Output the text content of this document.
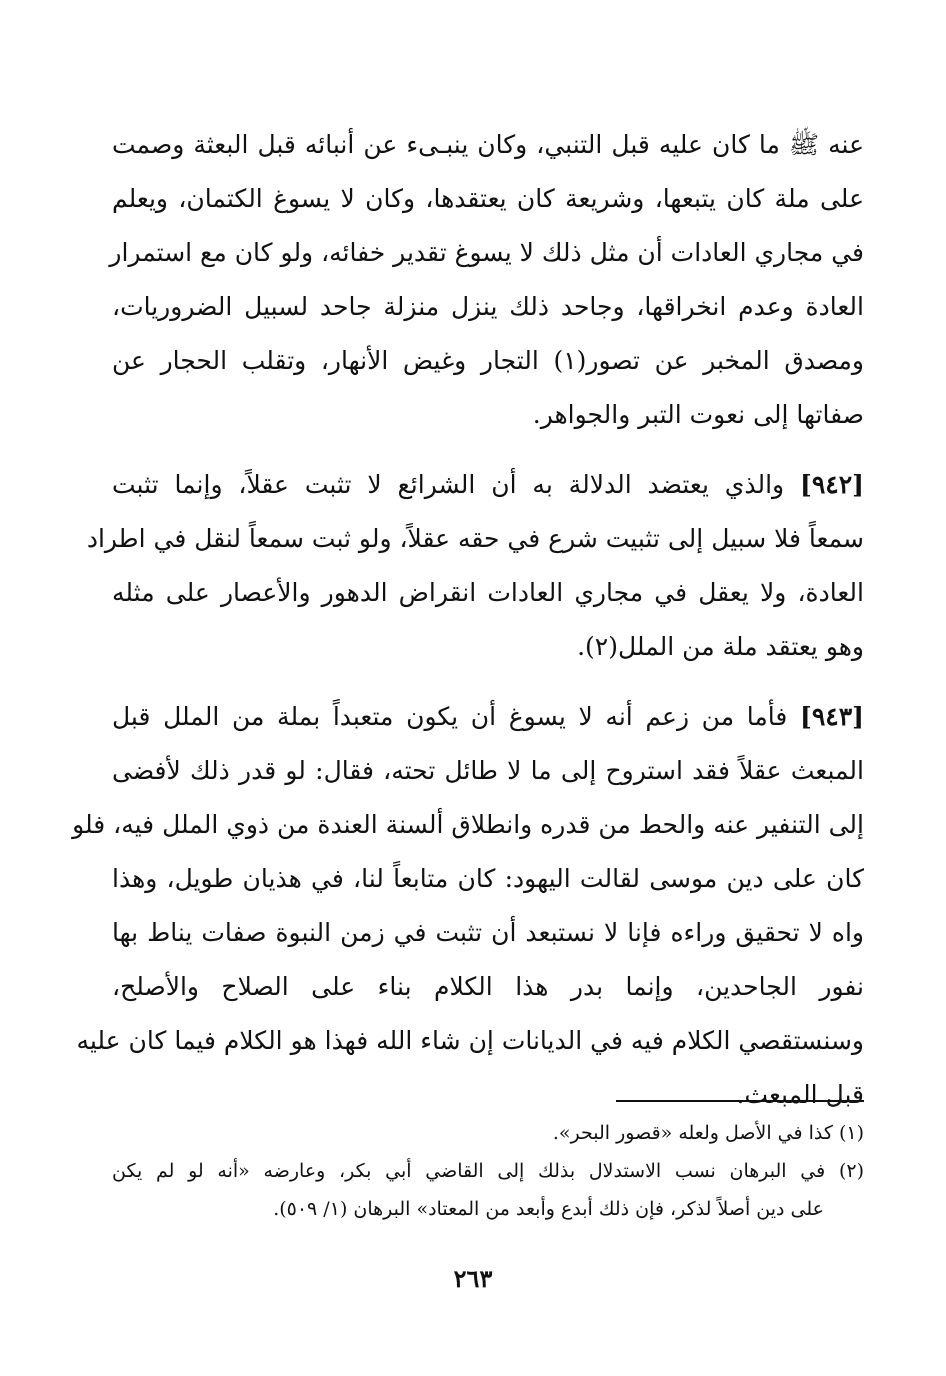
عنه ﷺ ما كان عليه قبل التنبي، وكان ينبـىء عن أنبائه قبل البعثة وصمت
على ملة كان يتبعها، وشريعة كان يعتقدها، وكان لا يسوغ الكتمان، ويعلم
في مجاري العادات أن مثل ذلك لا يسوغ تقدير خفائه، ولو كان مع استمرار
العادة وعدم انخراقها، وجاحد ذلك ينزل منزلة جاحد لسبيل الضروريات،
ومصدق المخبر عن تصور(١) التجار وغيض الأنهار، وتقلب الحجار عن
صفاتها إلى نعوت التبر والجواهر.
[٩٤٢] والذي يعتضد الدلالة به أن الشرائع لا تثبت عقلاً، وإنما تثبت
سمعاً فلا سبيل إلى تثبيت شرع في حقه عقلاً، ولو ثبت سمعاً لنقل في اطراد
العادة، ولا يعقل في مجاري العادات انقراض الدهور والأعصار على مثله
وهو يعتقد ملة من الملل(٢).
[٩٤٣] فأما من زعم أنه لا يسوغ أن يكون متعبداً بملة من الملل قبل
المبعث عقلاً فقد استروح إلى ما لا طائل تحته، فقال: لو قدر ذلك لأفضى
إلى التنفير عنه والحط من قدره وانطلاق ألسنة العندة من ذوي الملل فيه، فلو
كان على دين موسى لقالت اليهود: كان متابعاً لنا، في هذيان طويل، وهذا
واه لا تحقيق وراءه فإنا لا نستبعد أن تثبت في زمن النبوة صفات يناط بها
نفور الجاحدين، وإنما بدر هذا الكلام بناء على الصلاح والأصلح،
وسنستقصي الكلام فيه في الديانات إن شاء الله فهذا هو الكلام فيما كان عليه
قبل المبعث.
(١) كذا في الأصل ولعله «قصور البحر».
(٢) في البرهان نسب الاستدلال بذلك إلى القاضي أبي بكر، وعارضه «أنه لو لم يكن
على دين أصلاً لذكر، فإن ذلك أبدع وأبعد من المعتاد» البرهان (١/ ٥٠٩).
٢٦٣
